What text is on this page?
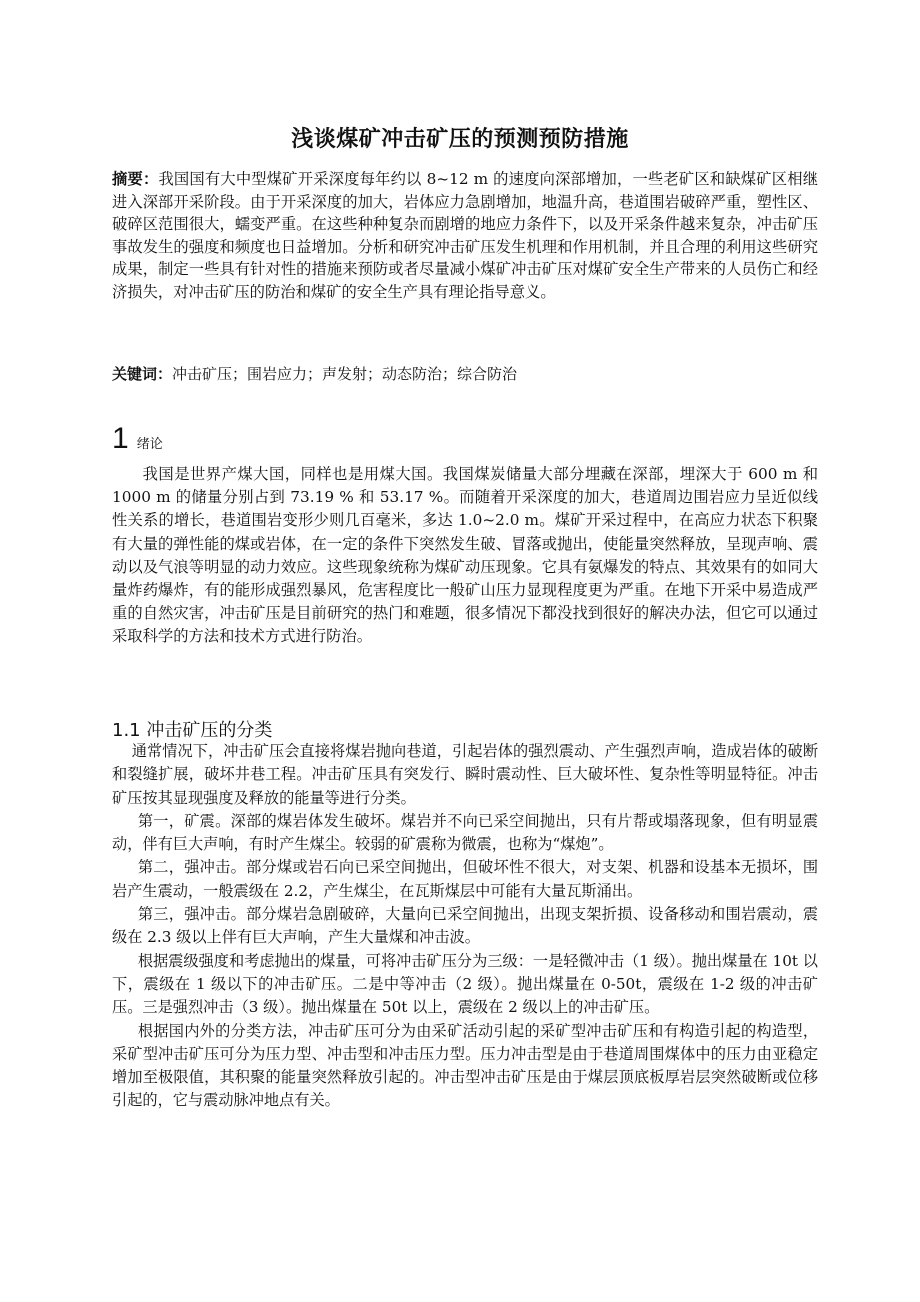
浅谈煤矿冲击矿压的预测预防措施
摘要：我国国有大中型煤矿开采深度每年约以 8~12 m 的速度向深部增加，一些老矿区和缺煤矿区相继进入深部开采阶段。由于开采深度的加大，岩体应力急剧增加，地温升高，巷道围岩破碎严重，塑性区、破碎区范围很大，蠕变严重。在这些种种复杂而剧增的地应力条件下，以及开采条件越来复杂，冲击矿压事故发生的强度和频度也日益增加。分析和研究冲击矿压发生机理和作用机制，并且合理的利用这些研究成果，制定一些具有针对性的措施来预防或者尽量减小煤矿冲击矿压对煤矿安全生产带来的人员伤亡和经济损失，对冲击矿压的防治和煤矿的安全生产具有理论指导意义。
关键词：冲击矿压；围岩应力；声发射；动态防治；综合防治
1 绪论
我国是世界产煤大国，同样也是用煤大国。我国煤炭储量大部分埋藏在深部，埋深大于 600 m 和 1000 m 的储量分别占到 73.19 % 和 53.17 %。而随着开采深度的加大，巷道周边围岩应力呈近似线性关系的增长，巷道围岩变形少则几百毫米，多达 1.0~2.0 m。煤矿开采过程中，在高应力状态下积聚有大量的弹性能的煤或岩体，在一定的条件下突然发生破、冒落或抛出，使能量突然释放，呈现声响、震动以及气浪等明显的动力效应。这些现象统称为煤矿动压现象。它具有氨爆发的特点、其效果有的如同大量炸药爆炸，有的能形成强烈暴风，危害程度比一般矿山压力显现程度更为严重。在地下开采中易造成严重的自然灾害，冲击矿压是目前研究的热门和难题，很多情况下都没找到很好的解决办法，但它可以通过采取科学的方法和技术方式进行防治。
1.1 冲击矿压的分类

通常情况下，冲击矿压会直接将煤岩抛向巷道，引起岩体的强烈震动、产生强烈声响，造成岩体的破断和裂缝扩展，破坏井巷工程。冲击矿压具有突发行、瞬时震动性、巨大破坏性、复杂性等明显特征。冲击矿压按其显现强度及释放的能量等进行分类。

第一，矿震。深部的煤岩体发生破坏。煤岩并不向已采空间抛出，只有片帮或塌落现象，但有明显震动，伴有巨大声响，有时产生煤尘。较弱的矿震称为微震，也称为“煤炮”。

第二，强冲击。部分煤或岩石向已采空间抛出，但破坏性不很大，对支架、机器和设基本无损坏，围岩产生震动，一般震级在 2.2，产生煤尘，在瓦斯煤层中可能有大量瓦斯涌出。

第三，强冲击。部分煤岩急剧破碎，大量向已采空间抛出，出现支架折损、设备移动和围岩震动，震级在 2.3 级以上伴有巨大声响，产生大量煤和冲击波。

根据震级强度和考虑抛出的煤量，可将冲击矿压分为三级：一是轻微冲击（1 级）。抛出煤量在 10t 以下，震级在 1 级以下的冲击矿压。二是中等冲击（2 级）。抛出煤量在 0-50t，震级在 1-2 级的冲击矿压。三是强烈冲击（3 级）。抛出煤量在 50t 以上，震级在 2 级以上的冲击矿压。

根据国内外的分类方法，冲击矿压可分为由采矿活动引起的采矿型冲击矿压和有构造引起的构造型，采矿型冲击矿压可分为压力型、冲击型和冲击压力型。压力冲击型是由于巷道周围煤体中的压力由亚稳定增加至极限值，其积聚的能量突然释放引起的。冲击型冲击矿压是由于煤层顶底板厚岩层突然破断或位移引起的，它与震动脉冲地点有关。
